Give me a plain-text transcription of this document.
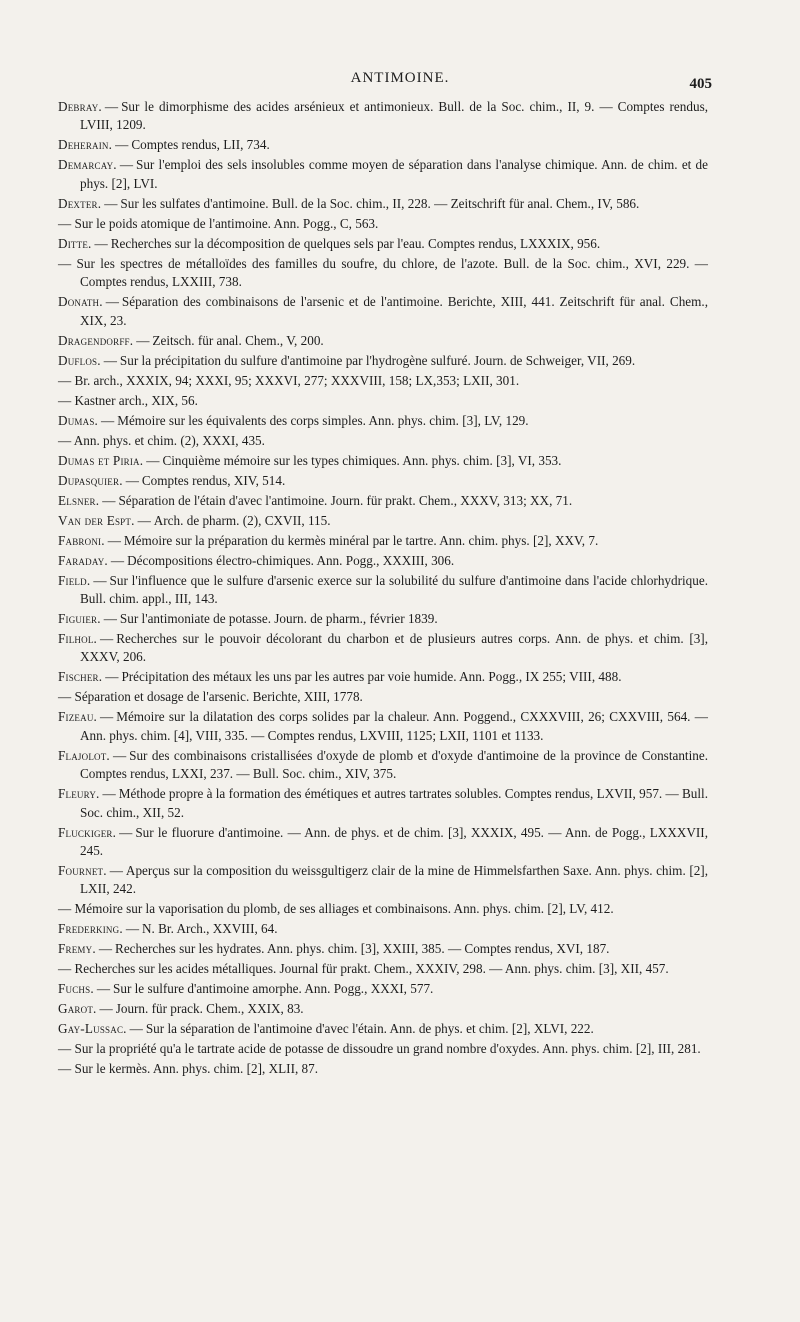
ANTIMOINE.	405

Debray. — Sur le dimorphisme des acides arsénieux et antimonieux. Bull. de la Soc. chim., II, 9. — Comptes rendus, LVIII, 1209.

Deherain. — Comptes rendus, LII, 734.

Demarcay. — Sur l'emploi des sels insolubles comme moyen de séparation dans l'analyse chimique. Ann. de chim. et de phys. [2], LVI.

Dexter. — Sur les sulfates d'antimoine. Bull. de la Soc. chim., II, 228. — Zeitschrift für anal. Chem., IV, 586.

— Sur le poids atomique de l'antimoine. Ann. Pogg., C, 563.

Ditte. — Recherches sur la décomposition de quelques sels par l'eau. Comptes rendus, LXXXIX, 956.

— Sur les spectres de métalloïdes des familles du soufre, du chlore, de l'azote. Bull. de la Soc. chim., XVI, 229. — Comptes rendus, LXXIII, 738.

Donath. — Séparation des combinaisons de l'arsenic et de l'antimoine. Berichte, XIII, 441. Zeitschrift für anal. Chem., XIX, 23.

Dragendorff. — Zeitsch. für anal. Chem., V, 200.

Duflos. — Sur la précipitation du sulfure d'antimoine par l'hydrogène sulfuré. Journ. de Schweiger, VII, 269.

— Br. arch., XXXIX, 94; XXXI, 95; XXXVI, 277; XXXVIII, 158; LX,353; LXII, 301.

— Kastner arch., XIX, 56.

Dumas. — Mémoire sur les équivalents des corps simples. Ann. phys. chim. [3], LV, 129.

— Ann. phys. et chim. (2), XXXI, 435.

Dumas et Piria. — Cinquième mémoire sur les types chimiques. Ann. phys. chim. [3], VI, 353.

Dupasquier. — Comptes rendus, XIV, 514.

Elsner. — Séparation de l'étain d'avec l'antimoine. Journ. für prakt. Chem., XXXV, 313; XX, 71.

Van der Espt. — Arch. de pharm. (2), CXVII, 115.

Fabroni. — Mémoire sur la préparation du kermès minéral par le tartre. Ann. chim. phys. [2], XXV, 7.

Faraday. — Décompositions électro-chimiques. Ann. Pogg., XXXIII, 306.

Field. — Sur l'influence que le sulfure d'arsenic exerce sur la solubilité du sulfure d'antimoine dans l'acide chlorhydrique. Bull. chim. appl., III, 143.

Figuier. — Sur l'antimoniate de potasse. Journ. de pharm., février 1839.

Filhol. — Recherches sur le pouvoir décolorant du charbon et de plusieurs autres corps. Ann. de phys. et chim. [3], XXXV, 206.

Fischer. — Précipitation des métaux les uns par les autres par voie humide. Ann. Pogg., IX 255; VIII, 488.

— Séparation et dosage de l'arsenic. Berichte, XIII, 1778.

Fizeau. — Mémoire sur la dilatation des corps solides par la chaleur. Ann. Poggend., CXXXVIII, 26; CXXVIII, 564. — Ann. phys. chim. [4], VIII, 335. — Comptes rendus, LXVIII, 1125; LXII, 1101 et 1133.

Flajolot. — Sur des combinaisons cristallisées d'oxyde de plomb et d'oxyde d'antimoine de la province de Constantine. Comptes rendus, LXXI, 237. — Bull. Soc. chim., XIV, 375.

Fleury. — Méthode propre à la formation des émétiques et autres tartrates solubles. Comptes rendus, LXVII, 957. — Bull. Soc. chim., XII, 52.

Fluckiger. — Sur le fluorure d'antimoine. — Ann. de phys. et de chim. [3], XXXIX, 495. — Ann. de Pogg., LXXXVII, 245.

Fournet. — Aperçus sur la composition du weissgultigerz clair de la mine de Himmelsfarthen Saxe. Ann. phys. chim. [2], LXII, 242.

— Mémoire sur la vaporisation du plomb, de ses alliages et combinaisons. Ann. phys. chim. [2], LV, 412.

Frederking. — N. Br. Arch., XXVIII, 64.

Fremy. — Recherches sur les hydrates. Ann. phys. chim. [3], XXIII, 385. — Comptes rendus, XVI, 187.

— Recherches sur les acides métalliques. Journal für prakt. Chem., XXXIV, 298. — Ann. phys. chim. [3], XII, 457.

Fuchs. — Sur le sulfure d'antimoine amorphe. Ann. Pogg., XXXI, 577.

Garot. — Journ. für prack. Chem., XXIX, 83.

Gay-Lussac. — Sur la séparation de l'antimoine d'avec l'étain. Ann. de phys. et chim. [2], XLVI, 222.

— Sur la propriété qu'a le tartrate acide de potasse de dissoudre un grand nombre d'oxydes. Ann. phys. chim. [2], III, 281.

— Sur le kermès. Ann. phys. chim. [2], XLII, 87.
